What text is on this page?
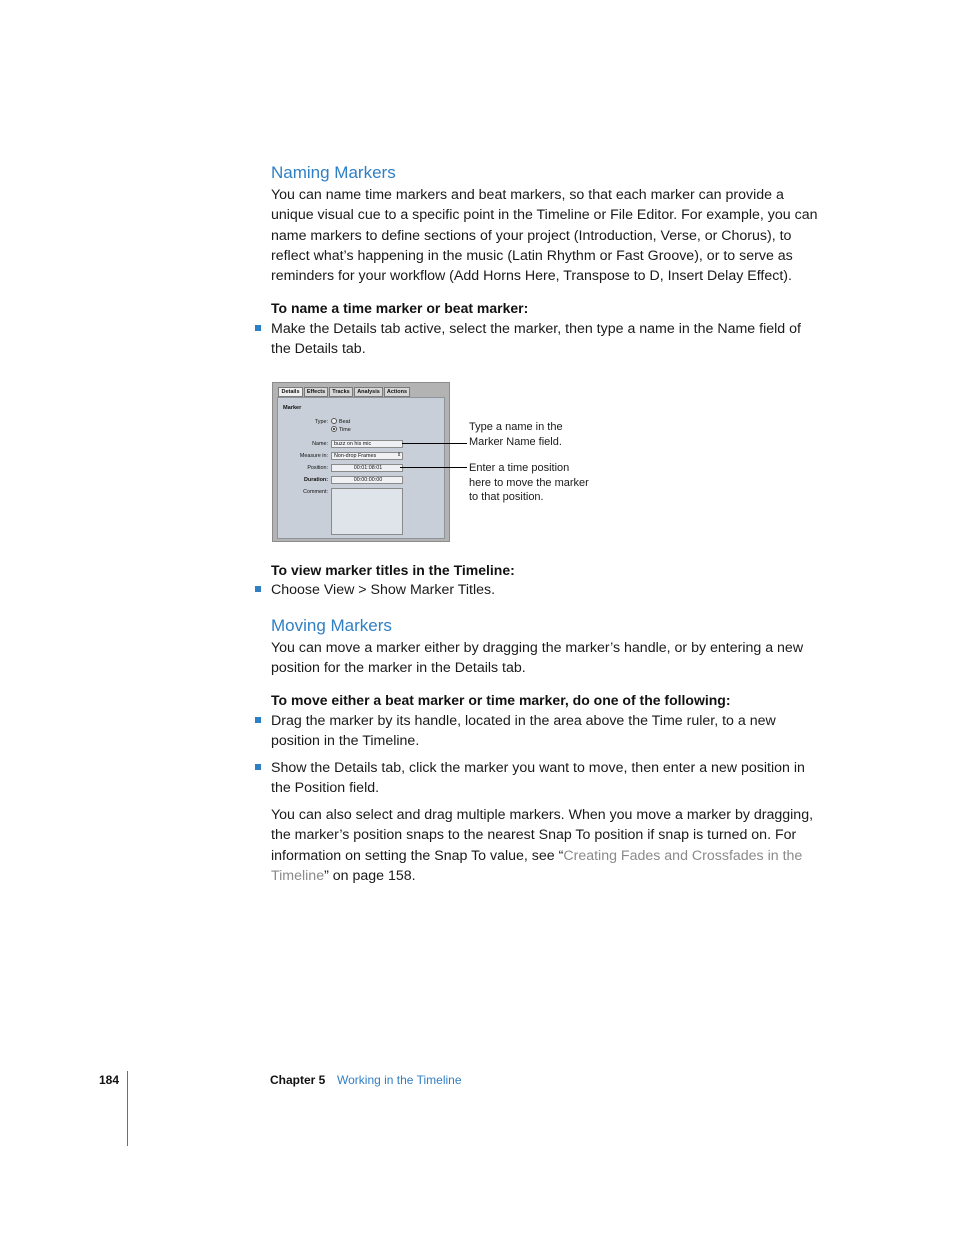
Naming Markers
You can name time markers and beat markers, so that each marker can provide a
unique visual cue to a specific point in the Timeline or File Editor. For example, you can
name markers to define sections of your project (Introduction, Verse, or Chorus), to
reflect what’s happening in the music (Latin Rhythm or Fast Groove), or to serve as
reminders for your workflow (Add Horns Here, Transpose to D, Insert Delay Effect).
To name a time marker or beat marker:
Make the Details tab active, select the marker, then type a name in the Name field of
the Details tab.
Details	Effects	Tracks	Analysis	Actions
Marker
Type: Beat
Time
Name:	buzz on his mic
Measure in:	Non-drop Frames	⇕
Position:	00:01:08:01
Duration:	00:00:00:00
Comment:
Type a name in the
Marker Name field.
Enter a time position
here to move the marker
to that position.
To view marker titles in the Timeline:
Choose View > Show Marker Titles.
Moving Markers
You can move a marker either by dragging the marker’s handle, or by entering a new
position for the marker in the Details tab.
To move either a beat marker or time marker, do one of the following:
Drag the marker by its handle, located in the area above the Time ruler, to a new
position in the Timeline.
Show the Details tab, click the marker you want to move, then enter a new position in
the Position field.
You can also select and drag multiple markers. When you move a marker by dragging,
the marker’s position snaps to the nearest Snap To position if snap is turned on. For
information on setting the Snap To value, see “Creating Fades and Crossfades in the
Timeline” on page 158.
184	Chapter 5 Working in the Timeline
